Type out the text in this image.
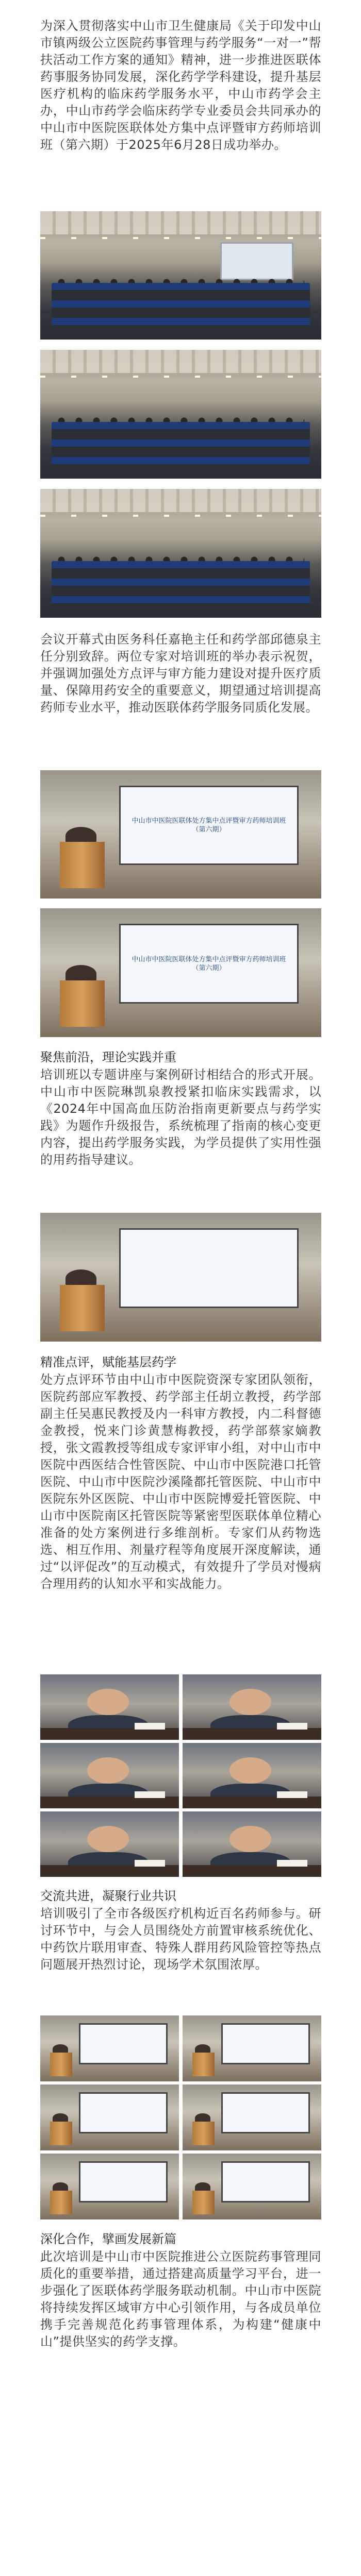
为深入贯彻落实中山市卫生健康局《关于印发中山市镇两级公立医院药事管理与药学服务“一对一”帮扶活动工作方案的通知》精神，进一步推进医联体药事服务协同发展，深化药学学科建设，提升基层医疗机构的临床药学服务水平，中山市药学会主办，中山市药学会临床药学专业委员会共同承办的中山市中医院医联体处方集中点评暨审方药师培训班（第六期）于2025年6月28日成功举办。
会议开幕式由医务科任嘉艳主任和药学部邱德泉主任分别致辞。两位专家对培训班的举办表示祝贺，并强调加强处方点评与审方能力建设对提升医疗质量、保障用药安全的重要意义，期望通过培训提高药师专业水平，推动医联体药学服务同质化发展。
中山市中医院医联体处方集中点评暨审方药师培训班（第六期）
中山市中医院医联体处方集中点评暨审方药师培训班（第六期）
聚焦前沿，理论实践并重
培训班以专题讲座与案例研讨相结合的形式开展。中山市中医院琳凯泉教授紧扣临床实践需求，以《2024年中国高血压防治指南更新要点与药学实践》为题作升级报告，系统梳理了指南的核心变更内容，提出药学服务实践，为学员提供了实用性强的用药指导建议。
精准点评，赋能基层药学
处方点评环节由中山市中医院资深专家团队领衔，医院药部应军教授、药学部主任胡立教授，药学部副主任吴惠民教授及内一科审方教授，内二科督德金教授，悦来门诊黄慧梅教授，药学部蔡家嫡教授，张文霞教授等组成专家评审小组，对中山市中医院中西医结合性管医院、中山市中医院港口托管医院、中山市中医院沙溪隆都托管医院、中山市中医院东外区医院、中山市中医院博爱托管医院、中山市中医院南区托管医院等紧密型医联体单位精心准备的处方案例进行多维剖析。专家们从药物选选、相互作用、剂量疗程等角度展开深度解读，通过“以评促改”的互动模式，有效提升了学员对慢病合理用药的认知水平和实战能力。
交流共进，凝聚行业共识
培训吸引了全市各级医疗机构近百名药师参与。研讨环节中，与会人员围绕处方前置审核系统优化、中药饮片联用审查、特殊人群用药风险管控等热点问题展开热烈讨论，现场学术氛围浓厚。
深化合作，擘画发展新篇
此次培训是中山市中医院推进公立医院药事管理同质化的重要举措，通过搭建高质量学习平台，进一步强化了医联体药学服务联动机制。中山市中医院将持续发挥区域审方中心引领作用，与各成员单位携手完善规范化药事管理体系，为构建“健康中山”提供坚实的药学支撑。
